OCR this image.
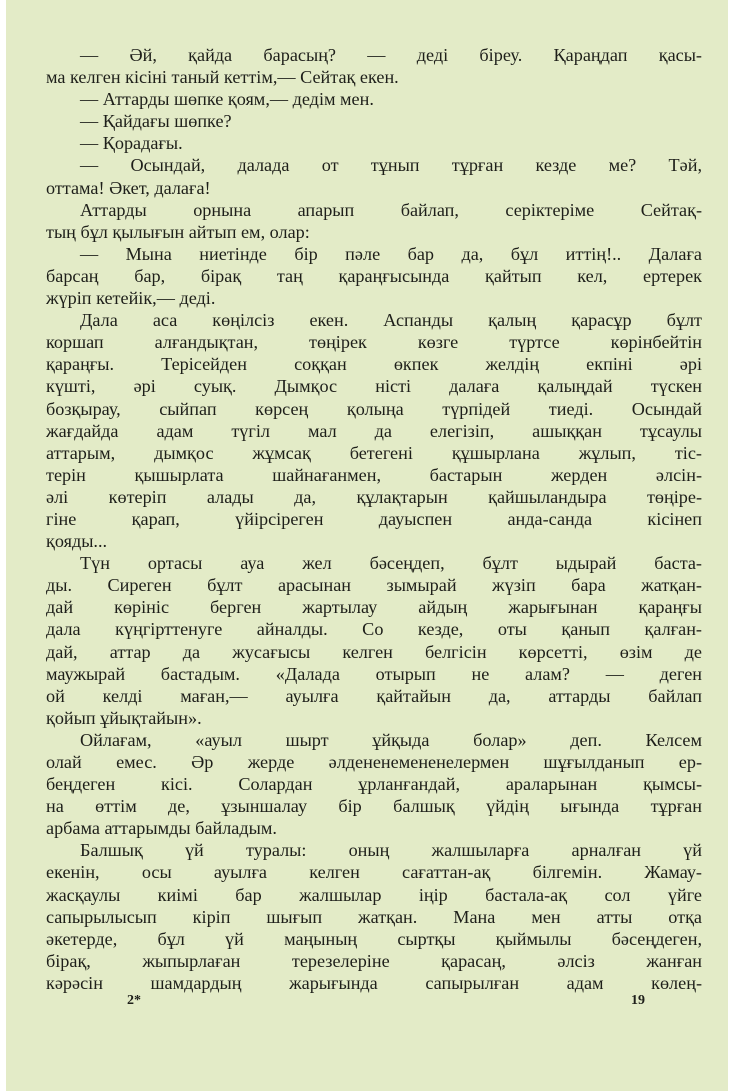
— Әй, қайда барасың? — деді біреу. Қараңдап қасы-
ма келген кісіні таный кеттім,— Сейтақ екен.
— Аттарды шөпке қоям,— дедім мен.
— Қайдағы шөпке?
— Қорадағы.
— Осындай, далада от тұнып тұрған кезде ме? Тәй,
оттама! Әкет, далаға!
Аттарды орнына апарып байлап, серіктеріме Сейтақ-
тың бұл қылығын айтып ем, олар:
— Мына ниетінде бір пәле бар да, бұл иттің!.. Далаға
барсаң бар, бірақ таң қараңғысында қайтып кел, ертерек
жүріп кетейік,— деді.
Дала аса көңілсіз екен. Аспанды қалың қарасұр бұлт
коршап алғандықтан, төңірек көзге түртсе көрінбейтін
қараңғы. Терісейден соққан өкпек желдің екпіні әрі
күшті, әрі суық. Дымқос ністі далаға қалыңдай түскен
бозқырау, сыйпап көрсең қолыңа түрпідей тиеді. Осындай
жағдайда адам түгіл мал да елегізіп, ашыққан тұсаулы
аттарым, дымқос жұмсақ бетегені құшырлана жұлып, тіс-
терін қышырлата шайнағанмен, бастарын жерден әлсін-
әлі көтеріп алады да, құлақтарын қайшыландыра төңіре-
гіне қарап, үйірсіреген дауыспен анда-санда кісінеп
қояды...
Түн ортасы ауа жел бәсеңдеп, бұлт ыдырай баста-
ды. Сиреген бұлт арасынан зымырай жүзіп бара жатқан-
дай көрініс берген жартылау айдың жарығынан қараңғы
дала күңгірттенуге айналды. Со кезде, оты қанып қалған-
дай, аттар да жусағысы келген белгісін көрсетті, өзім де
маужырай бастадым. «Далада отырып не алам? — деген
ой келді маған,— ауылға қайтайын да, аттарды байлап
қойып ұйықтайын».
Ойлағам, «ауыл шырт ұйқыда болар» деп. Келсем
олай емес. Әр жерде әлдененемененелермен шұғылданып ер-
беңдеген кісі. Солардан ұрланғандай, араларынан қымсы-
на өттім де, ұзыншалау бір балшық үйдің ығында тұрған
арбама аттарымды байладым.
Балшық үй туралы: оның жалшыларға арналған үй
екенін, осы ауылға келген сағаттан-ақ білгемін. Жамау-
жасқаулы киімі бар жалшылар іңір бастала-ақ сол үйге
сапырылысып кіріп шығып жатқан. Мана мен атты отқа
әкетерде, бұл үй маңының сыртқы қыймылы бәсеңдеген,
бірақ, жыпырлаған терезелеріне қарасаң, әлсіз жанған
кәрәсін шамдардың жарығында сапырылған адам көлең-
2*	19
